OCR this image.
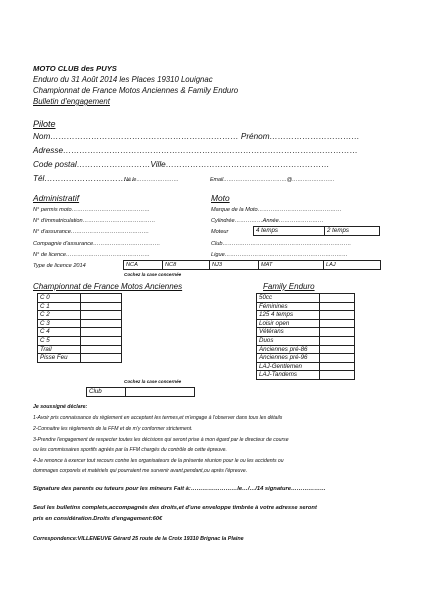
MOTO CLUB des PUYS
Enduro du 31 Août 2014 les Places 19310 Louignac
Championnat de France Motos Anciennes & Family Enduro
Bulletin d'engagement
Pilote
Nom…………………………………………………………… Prénom……………………………
Adresse………………………………………………………………………………………………
Code postal………………………Ville……………………………………………………
Tél……………………………
Né le……………………	Email………………………………@……………………
Administratif	Moto
N° permis moto……………………………………	Marque de la Moto………………………………………
N° d'immatriculation…………………………………	Cylindrée……………Année……………………
N° d'assurance……………………………………	Moteur	4 temps	2 temps
Compagnie d'assurance………………………………	Club……………………………………………………………
N° de licence………………………………………	Ligue…………………………………………………………
Type de licence 2014	NCA	NC8	NJ3	MAT	LAJ
Cochez la case concernée
Championnat de France Motos Anciennes	Family Enduro
C 0	
C 1	
C 2	
C 3	
C 4	
C 5	
Trail	
Pisse Feu	
50cc	
Féminines	
125 4 temps	
Loisir open	
Vétérans	
Duos	
Anciennes pré-86	
Anciennes pré-96	
LAJ-Gentlemen	
LAJ-Tandems	
Cochez la case concernée
Club	
Je soussigné déclare:
1-Avoir pris connaissance du règlement en acceptant les termes,et m'engage à l'observer dans tous les détails
2-Connaitre les règlements de la FFM et de m'y conformer strictement.
3-Prendre l'engagement de respecter toutes les décisions qui seront prise à mon égard par le directeur de course
ou les commissaires sportifs agréés par la FFM chargés du contrôle de cette épreuve.
4-Je renonce à exercer tout recours contre les organisateurs de la présente réunion pour le ou les accidents ou
dommages corporels et matériels qui pourraient me survenir avant,pendant,ou après l'épreuve.
Signature des parents ou tuteurs pour les mineurs Fait à:……………………le…/…/14 signature………………
Seul les bulletins complets,accompagnés des droits,et d'une enveloppe timbrée à votre adresse seront
pris en considération.Droits d'engagement:60€
Correspondence:VILLENEUVE Gérard 25 route de la Croix 19310 Brignac la Plaine
